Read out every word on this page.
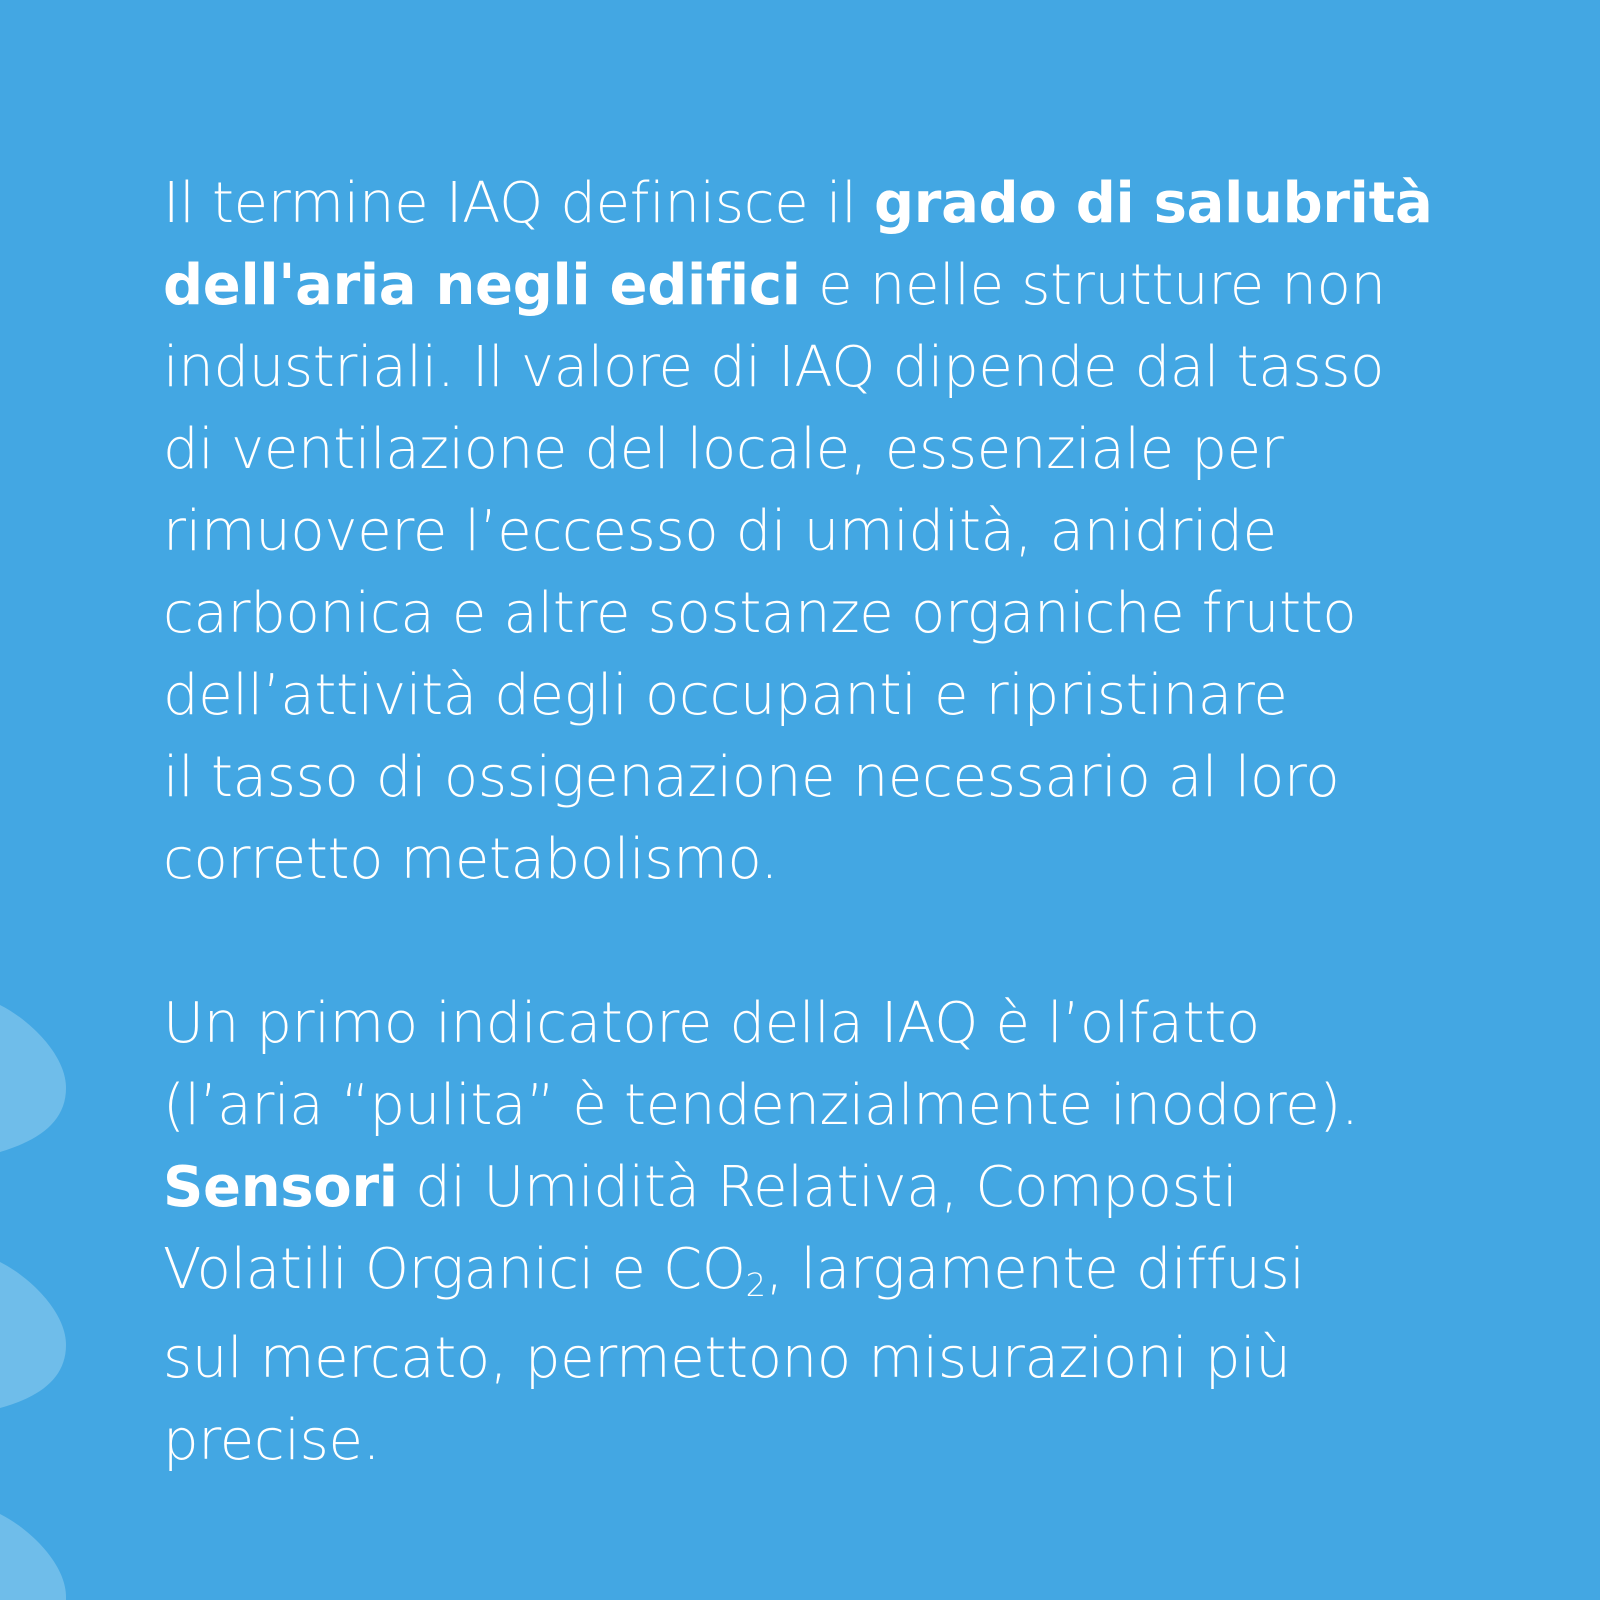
Il termine IAQ definisce il grado di salubrità
dell'aria negli edifici e nelle strutture non
industriali. Il valore di IAQ dipende dal tasso
di ventilazione del locale, essenziale per
rimuovere l’eccesso di umidità, anidride
carbonica e altre sostanze organiche frutto
dell’attività degli occupanti e ripristinare
il tasso di ossigenazione necessario al loro
corretto metabolismo.

Un primo indicatore della IAQ è l’olfatto
(l’aria “pulita” è tendenzialmente inodore).
Sensori di Umidità Relativa, Composti
Volatili Organici e $CO_2$, largamente diffusi
sul mercato, permettono misurazioni più
precise.
